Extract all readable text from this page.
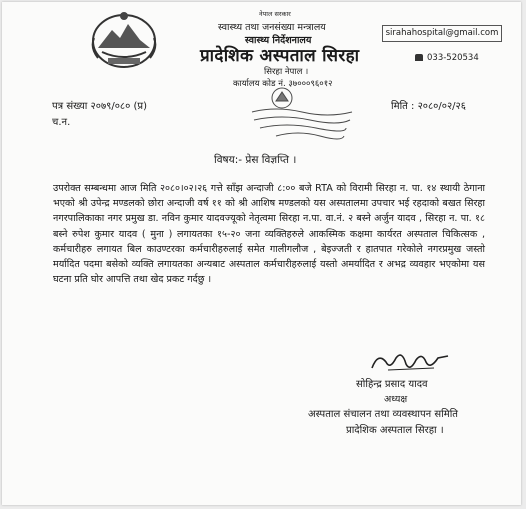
नेपाल सरकार
स्वास्थ्य तथा जनसंख्या मन्त्रालय
स्वास्थ्य निर्देशनालय
प्रादेशिक अस्पताल सिरहा
सिरहा नेपाल ।
कार्यालय कोड नं. ३७०००९६०१२
sirahahospital@gmail.com
033-520534
पत्र संख्या २०७९/०८० (प्र)
च.न.
मिति : २०८०/०२/२६
विषय:- प्रेस विज्ञप्ति ।

उपरोक्त सम्बन्धमा आज मिति २०८०।०२।२६ गत्ते साँझ अन्दाजी ८:०० बजे RTA को विरामी सिरहा न. पा. १४ स्थायी ठेगाना भएको श्री उपेन्द्र मण्डलको छोरा अन्दाजी वर्ष ११ को श्री आशिष मण्डलको यस अस्पतालमा उपचार भई रहदाको बखत सिरहा नगरपालिकाका नगर प्रमुख डा. नविन कुमार यादवज्यूको नेतृत्वमा सिरहा न.पा. वा.नं. २ बस्ने अर्जुन यादव , सिरहा न. पा. १८ बस्ने रुपेश कुमार यादव ( मुना ) लगायतका १५-२० जना व्यक्तिहरुले आकस्मिक कक्षमा कार्यरत अस्पताल चिकित्सक , कर्मचारीहरु लगायत बिल काउण्टरका कर्मचारीहरुलाई समेत गालीगलौज , बेइज्जती र हातपात गरेकोले नगरप्रमुख जस्तो मर्यादित पदमा बसेको व्यक्ति लगायतका अन्यबाट अस्पताल कर्मचारीहरुलाई यस्तो अमर्यादित र अभद्र व्यवहार भएकोमा यस घटना प्रति घोर आपत्ति तथा खेद प्रकट गर्दछु ।

सोहिन्द्र प्रसाद यादव
अध्यक्ष
अस्पताल संचालन तथा व्यवस्थापन समिति
प्रादेशिक अस्पताल सिरहा ।
